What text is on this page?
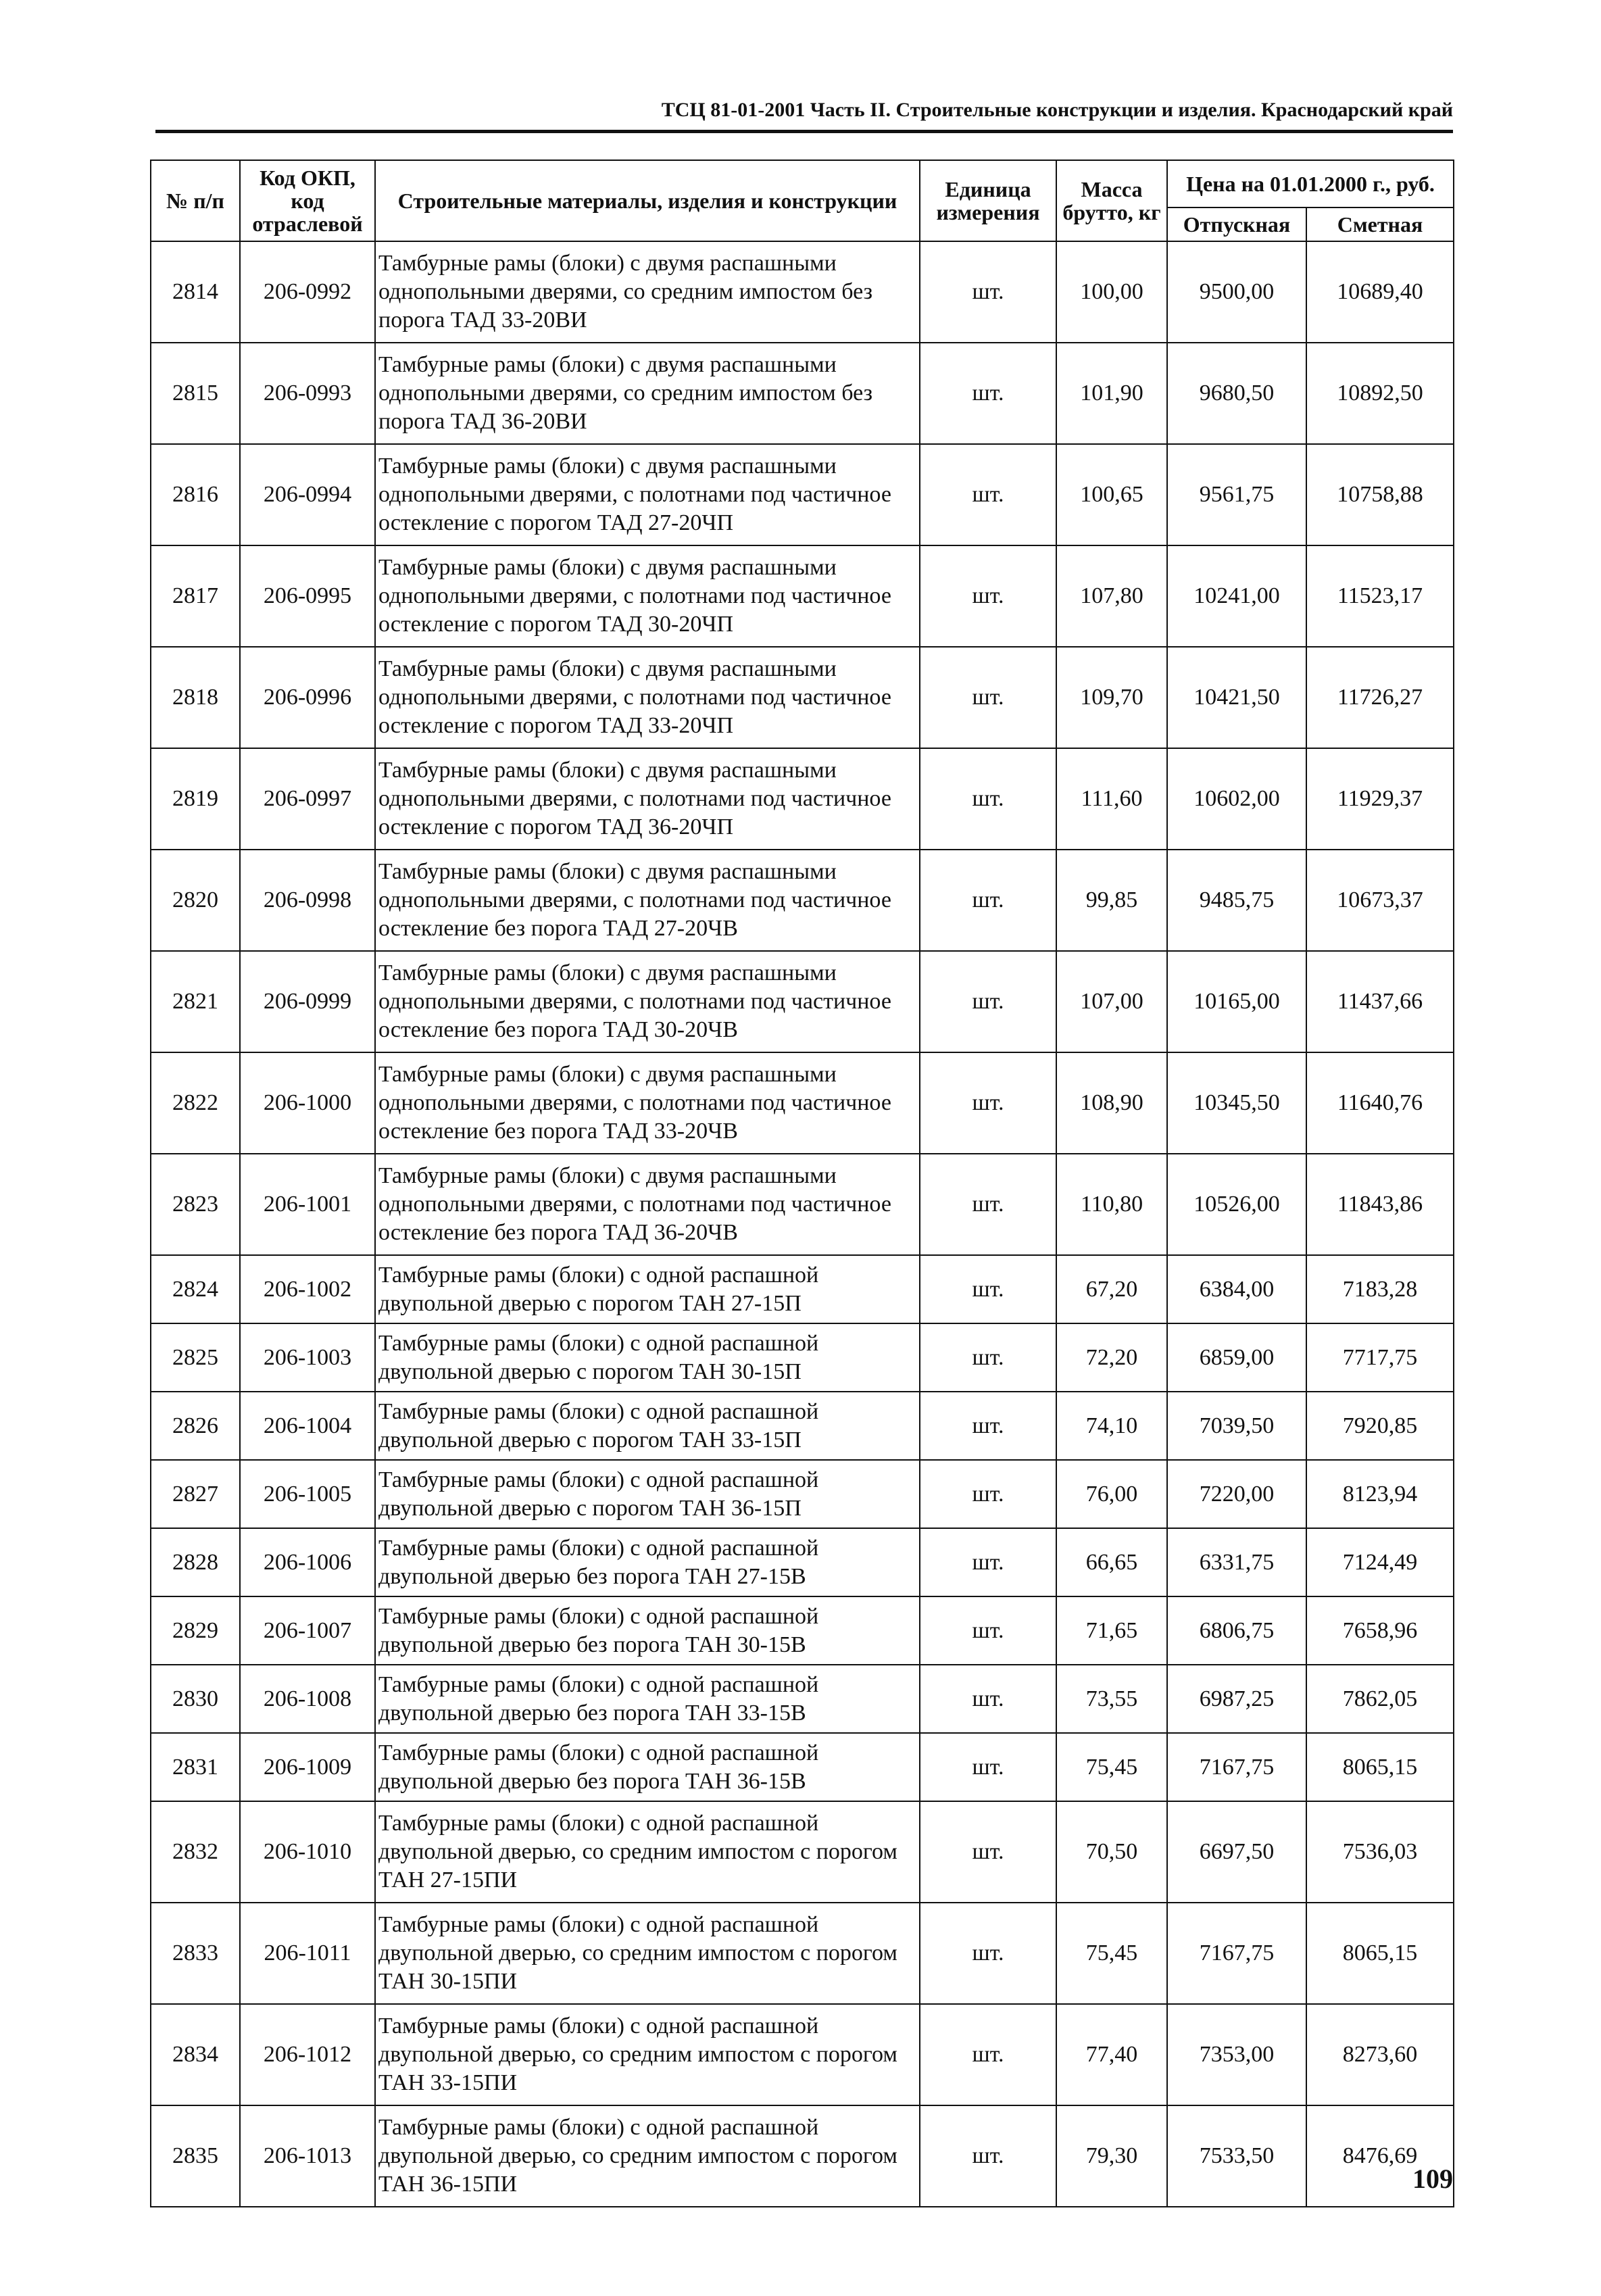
ТСЦ 81-01-2001 Часть II. Строительные конструкции и изделия. Краснодарский край
№ п/п	Код ОКП, код отраслевой	Строительные материалы, изделия и конструкции	Единица измерения	Масса брутто, кг	Цена на 01.01.2000 г., руб.	
					Отпускная	Сметная
2814	206-0992	Тамбурные рамы (блоки) с двумя распашными однопольными дверями, со средним импостом без порога ТАД 33-20ВИ	шт.	100,00	9500,00	10689,40
2815	206-0993	Тамбурные рамы (блоки) с двумя распашными однопольными дверями, со средним импостом без порога ТАД 36-20ВИ	шт.	101,90	9680,50	10892,50
2816	206-0994	Тамбурные рамы (блоки) с двумя распашными однопольными дверями, с полотнами под частичное остекление с порогом ТАД 27-20ЧП	шт.	100,65	9561,75	10758,88
2817	206-0995	Тамбурные рамы (блоки) с двумя распашными однопольными дверями, с полотнами под частичное остекление с порогом ТАД 30-20ЧП	шт.	107,80	10241,00	11523,17
2818	206-0996	Тамбурные рамы (блоки) с двумя распашными однопольными дверями, с полотнами под частичное остекление с порогом ТАД 33-20ЧП	шт.	109,70	10421,50	11726,27
2819	206-0997	Тамбурные рамы (блоки) с двумя распашными однопольными дверями, с полотнами под частичное остекление с порогом ТАД 36-20ЧП	шт.	111,60	10602,00	11929,37
2820	206-0998	Тамбурные рамы (блоки) с двумя распашными однопольными дверями, с полотнами под частичное остекление без порога ТАД 27-20ЧВ	шт.	99,85	9485,75	10673,37
2821	206-0999	Тамбурные рамы (блоки) с двумя распашными однопольными дверями, с полотнами под частичное остекление без порога ТАД 30-20ЧВ	шт.	107,00	10165,00	11437,66
2822	206-1000	Тамбурные рамы (блоки) с двумя распашными однопольными дверями, с полотнами под частичное остекление без порога ТАД 33-20ЧВ	шт.	108,90	10345,50	11640,76
2823	206-1001	Тамбурные рамы (блоки) с двумя распашными однопольными дверями, с полотнами под частичное остекление без порога ТАД 36-20ЧВ	шт.	110,80	10526,00	11843,86
2824	206-1002	Тамбурные рамы (блоки) с одной распашной двупольной дверью с порогом ТАН 27-15П	шт.	67,20	6384,00	7183,28
2825	206-1003	Тамбурные рамы (блоки) с одной распашной двупольной дверью с порогом ТАН 30-15П	шт.	72,20	6859,00	7717,75
2826	206-1004	Тамбурные рамы (блоки) с одной распашной двупольной дверью с порогом ТАН 33-15П	шт.	74,10	7039,50	7920,85
2827	206-1005	Тамбурные рамы (блоки) с одной распашной двупольной дверью с порогом ТАН 36-15П	шт.	76,00	7220,00	8123,94
2828	206-1006	Тамбурные рамы (блоки) с одной распашной двупольной дверью без порога ТАН 27-15В	шт.	66,65	6331,75	7124,49
2829	206-1007	Тамбурные рамы (блоки) с одной распашной двупольной дверью без порога ТАН 30-15В	шт.	71,65	6806,75	7658,96
2830	206-1008	Тамбурные рамы (блоки) с одной распашной двупольной дверью без порога ТАН 33-15В	шт.	73,55	6987,25	7862,05
2831	206-1009	Тамбурные рамы (блоки) с одной распашной двупольной дверью без порога ТАН 36-15В	шт.	75,45	7167,75	8065,15
2832	206-1010	Тамбурные рамы (блоки) с одной распашной двупольной дверью, со средним импостом с порогом ТАН 27-15ПИ	шт.	70,50	6697,50	7536,03
2833	206-1011	Тамбурные рамы (блоки) с одной распашной двупольной дверью, со средним импостом с порогом ТАН 30-15ПИ	шт.	75,45	7167,75	8065,15
2834	206-1012	Тамбурные рамы (блоки) с одной распашной двупольной дверью, со средним импостом с порогом ТАН 33-15ПИ	шт.	77,40	7353,00	8273,60
2835	206-1013	Тамбурные рамы (блоки) с одной распашной двупольной дверью, со средним импостом с порогом ТАН 36-15ПИ	шт.	79,30	7533,50	8476,69
109
